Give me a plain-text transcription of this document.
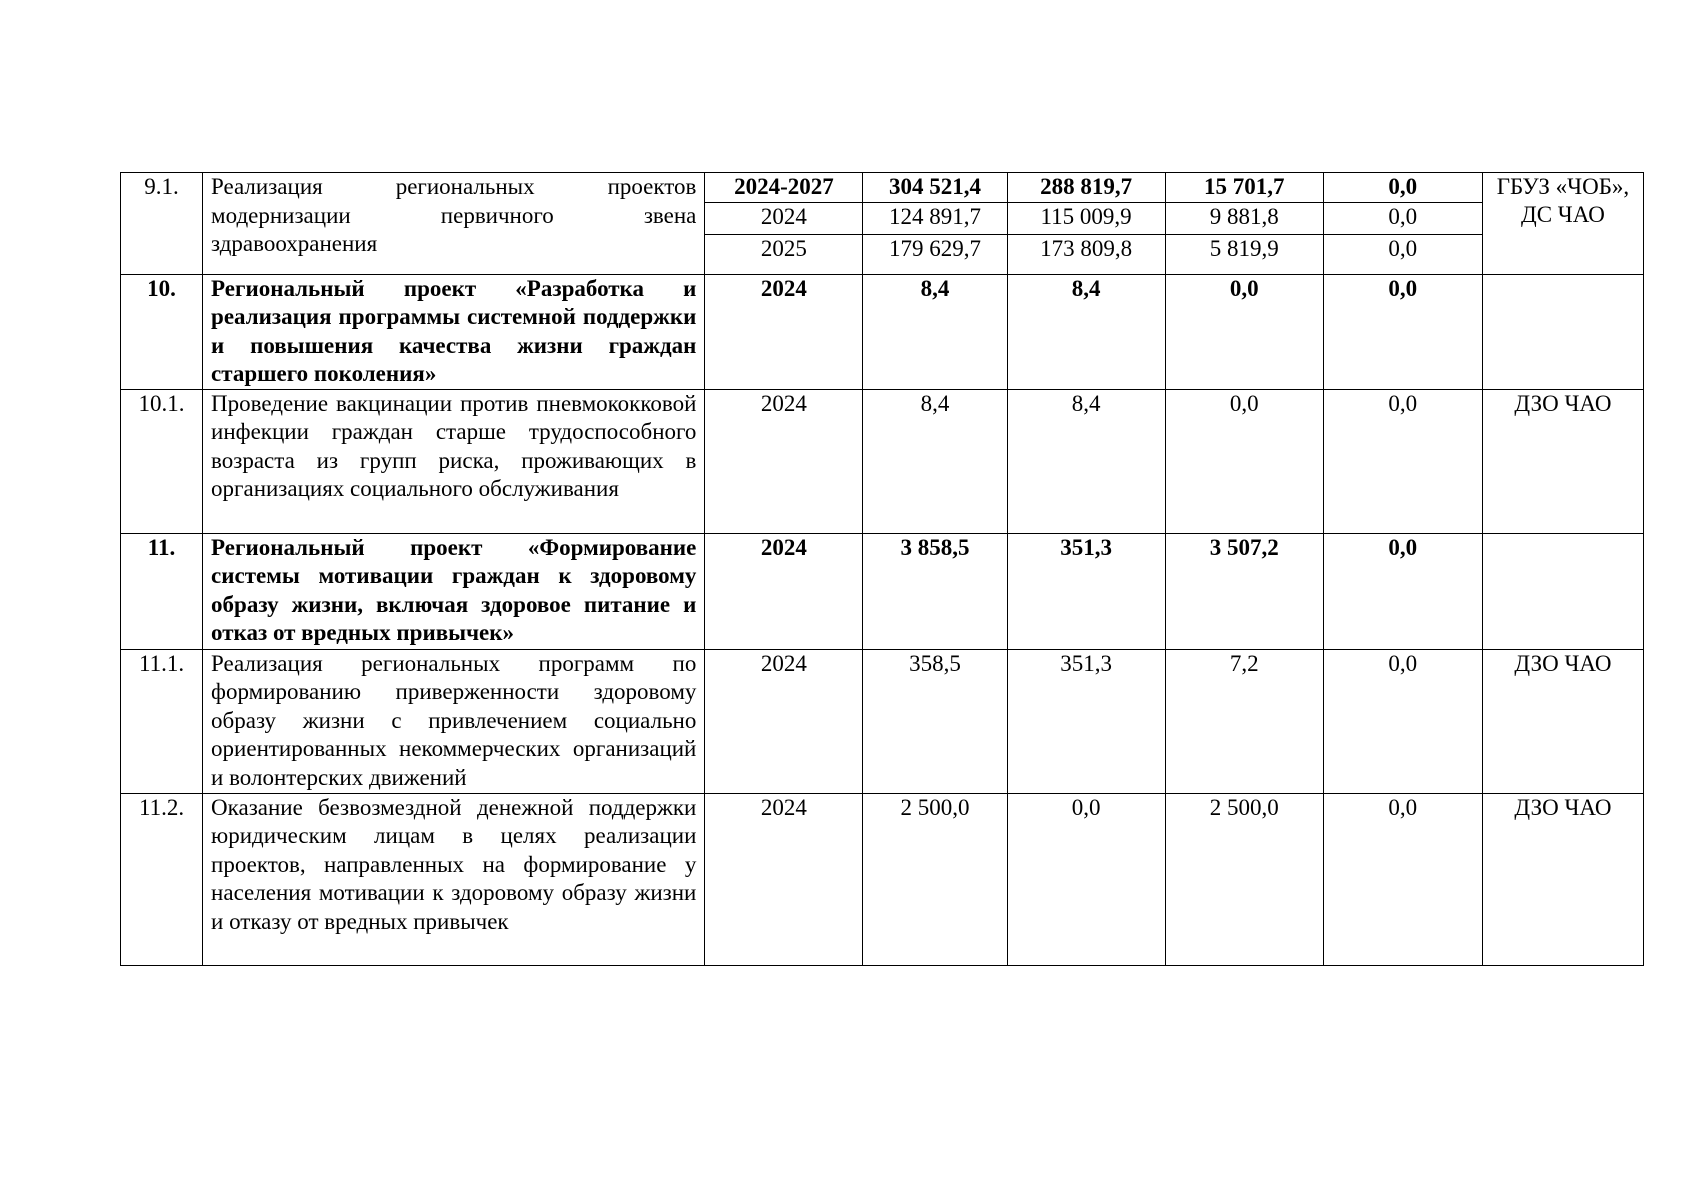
9.1.	Реализация региональных проектов
модернизации первичного звена
здравоохранения	2024-2027	304 521,4	288 819,7	15 701,7	0,0	ГБУЗ «ЧОБ», ДС ЧАО
		2024	124 891,7	115 009,9	9 881,8	0,0	
		2025	179 629,7	173 809,8	5 819,9	0,0	
10.	Региональный проект «Разработка и реализация программы системной поддержки и повышения качества жизни граждан старшего поколения»	2024	8,4	8,4	0,0	0,0	
10.1.	Проведение вакцинации против пневмококковой инфекции граждан старше трудоспособного возраста из групп риска, проживающих в организациях социального обслуживания	2024	8,4	8,4	0,0	0,0	ДЗО ЧАО
11.	Региональный проект «Формирование системы мотивации граждан к здоровому образу жизни, включая здоровое питание и отказ от вредных привычек»	2024	3 858,5	351,3	3 507,2	0,0	
11.1.	Реализация региональных программ по формированию приверженности здоровому образу жизни с привлечением социально ориентированных некоммерческих организаций и волонтерских движений	2024	358,5	351,3	7,2	0,0	ДЗО ЧАО
11.2.	Оказание безвозмездной денежной поддержки юридическим лицам в целях реализации проектов, направленных на формирование у населения мотивации к здоровому образу жизни и отказу от вредных привычек	2024	2 500,0	0,0	2 500,0	0,0	ДЗО ЧАО
